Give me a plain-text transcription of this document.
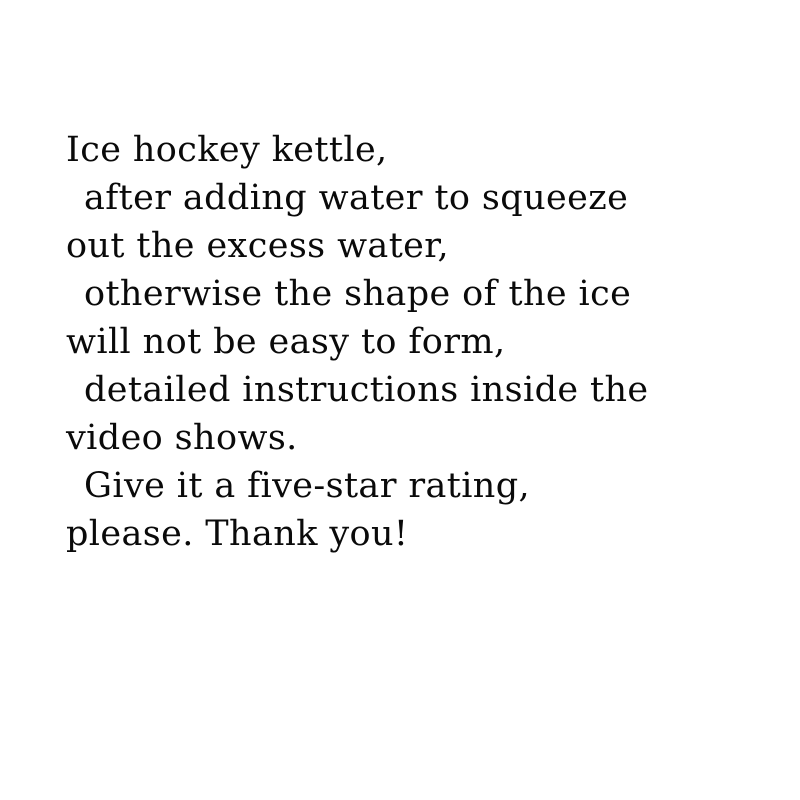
Ice hockey kettle,
after adding water to squeeze
out the excess water,
otherwise the shape of the ice
will not be easy to form,
detailed instructions inside the
video shows.
Give it a five-star rating,
please. Thank you!
